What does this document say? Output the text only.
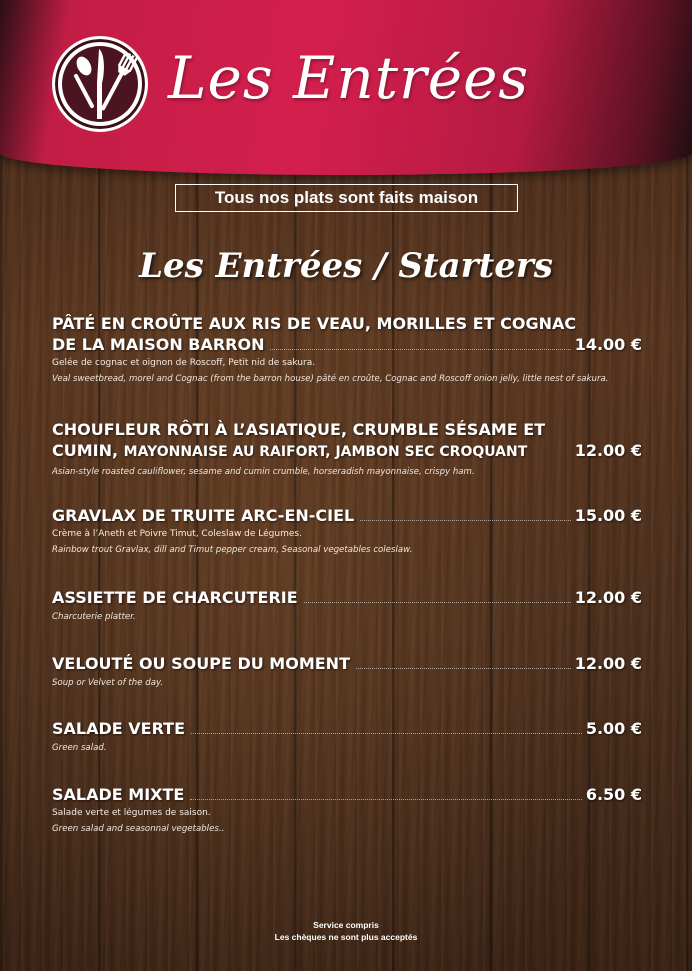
Les Entrées
Tous nos plats sont faits maison
Les Entrées / Starters
PÂTÉ EN CROÛTE AUX RIS DE VEAU, MORILLES ET COGNAC
DE LA MAISON BARRON	14.00 €
Gelée de cognac et oignon de Roscoff, Petit nid de sakura.
Veal sweetbread, morel and Cognac (from the barron house) pâté en croûte, Cognac and Roscoff onion jelly, little nest of sakura.
CHOUFLEUR RÔTI À L’ASIATIQUE, CRUMBLE SÉSAME ET
CUMIN, MAYONNAISE AU RAIFORT, JAMBON SEC CROQUANT	12.00 €
Asian-style roasted cauliflower, sesame and cumin crumble, horseradish mayonnaise, crispy ham.
GRAVLAX DE TRUITE ARC-EN-CIEL	15.00 €
Crème à l’Aneth et Poivre Timut, Coleslaw de Légumes.
Rainbow trout Gravlax, dill and Timut pepper cream, Seasonal vegetables coleslaw.
ASSIETTE DE CHARCUTERIE	12.00 €
Charcuterie platter.
VELOUTÉ OU SOUPE DU MOMENT	12.00 €
Soup or Velvet of the day.
SALADE VERTE	5.00 €
Green salad.
SALADE MIXTE	6.50 €
Salade verte et légumes de saison.
Green salad and seasonnal vegetables..
Service compris
Les chèques ne sont plus acceptés
